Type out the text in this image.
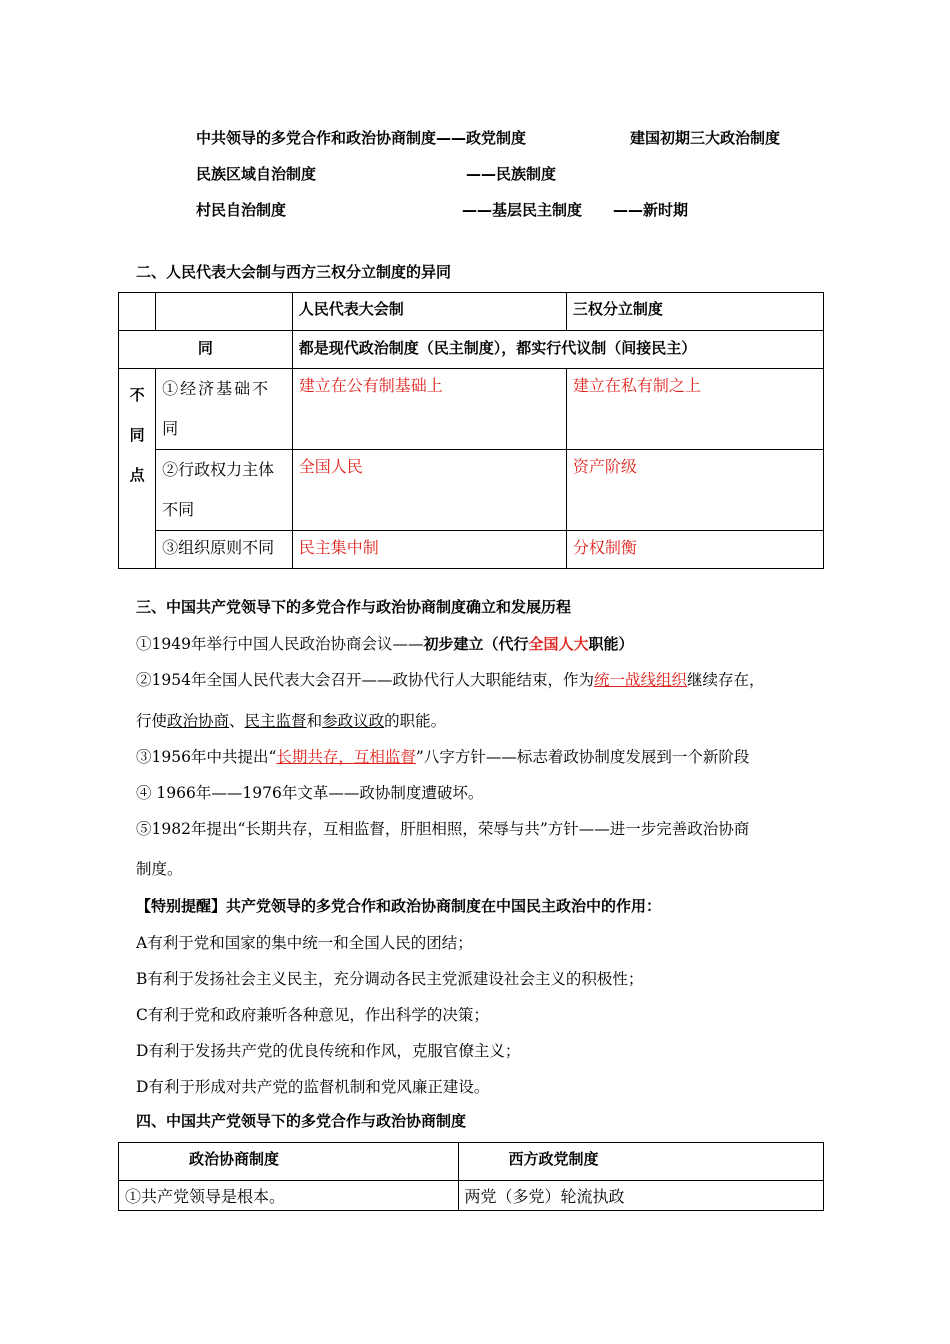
中共领导的多党合作和政治协商制度——政党制度	建国初期三大政治制度
民族区域自治制度	——民族制度
村民自治制度	——基层民主制度 ——新时期
二、人民代表大会制与西方三权分立制度的异同
		人民代表大会制	三权分立制度
同		都是现代政治制度（民主制度），都实行代议制（间接民主）	

不
同
点	①经济基础不同	建立在公有制基础上	建立在私有制之上
	②行政权力主体不同	全国人民	资产阶级
	③组织原则不同	民主集中制	分权制衡
三、中国共产党领导下的多党合作与政治协商制度确立和发展历程
①1949年举行中国人民政治协商会议——初步建立（代行全国人大职能）
②1954年全国人民代表大会召开——政协代行人大职能结束，作为统一战线组织继续存在，
行使政治协商、民主监督和参政议政的职能。
③1956年中共提出“长期共存，互相监督”八字方针——标志着政协制度发展到一个新阶段
④ 1966年——1976年文革——政协制度遭破坏。
⑤1982年提出“长期共存，互相监督，肝胆相照，荣辱与共”方针——进一步完善政治协商
制度。
【特别提醒】共产党领导的多党合作和政治协商制度在中国民主政治中的作用：
A有利于党和国家的集中统一和全国人民的团结；
B有利于发扬社会主义民主，充分调动各民主党派建设社会主义的积极性；
C有利于党和政府兼听各种意见，作出科学的决策；
D有利于发扬共产党的优良传统和作风，克服官僚主义；
D有利于形成对共产党的监督机制和党风廉正建设。
四、中国共产党领导下的多党合作与政治协商制度
政治协商制度	西方政党制度
①共产党领导是根本。	两党（多党）轮流执政
